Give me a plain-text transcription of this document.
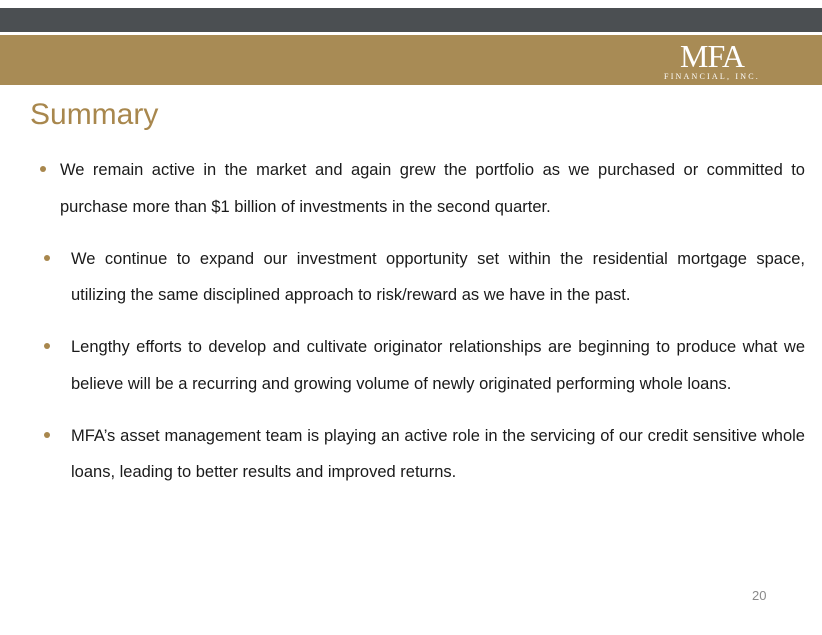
MFA
FINANCIAL, INC.
Summary
We remain active in the market and again grew the portfolio as we purchased or committed to purchase more than $1 billion of investments in the second quarter.
We continue to expand our investment opportunity set within the residential mortgage space, utilizing the same disciplined approach to risk/reward as we have in the past.
Lengthy efforts to develop and cultivate originator relationships are beginning to produce what we believe will be a recurring and growing volume of newly originated performing whole loans.
MFA’s asset management team is playing an active role in the servicing of our credit sensitive whole loans, leading to better results and improved returns.
20
